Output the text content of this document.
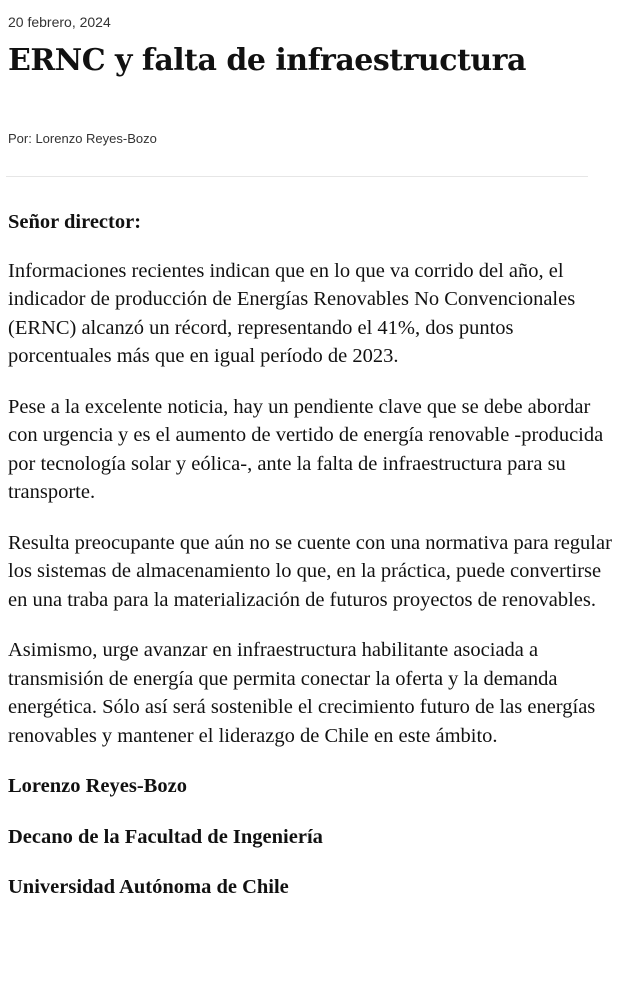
20 febrero, 2024
ERNC y falta de infraestructura
Por: Lorenzo Reyes-Bozo

Señor director:

Informaciones recientes indican que en lo que va corrido del año, el indicador de producción de Energías Renovables No Convencionales (ERNC) alcanzó un récord, representando el 41%, dos puntos porcentuales más que en igual período de 2023.

Pese a la excelente noticia, hay un pendiente clave que se debe abordar con urgencia y es el aumento de vertido de energía renovable -producida por tecnología solar y eólica-, ante la falta de infraestructura para su transporte.

Resulta preocupante que aún no se cuente con una normativa para regular los sistemas de almacenamiento lo que, en la práctica, puede convertirse en una traba para la materialización de futuros proyectos de renovables.

Asimismo, urge avanzar en infraestructura habilitante asociada a transmisión de energía que permita conectar la oferta y la demanda energética. Sólo así será sostenible el crecimiento futuro de las energías renovables y mantener el liderazgo de Chile en este ámbito.

Lorenzo Reyes-Bozo

Decano de la Facultad de Ingeniería

Universidad Autónoma de Chile
